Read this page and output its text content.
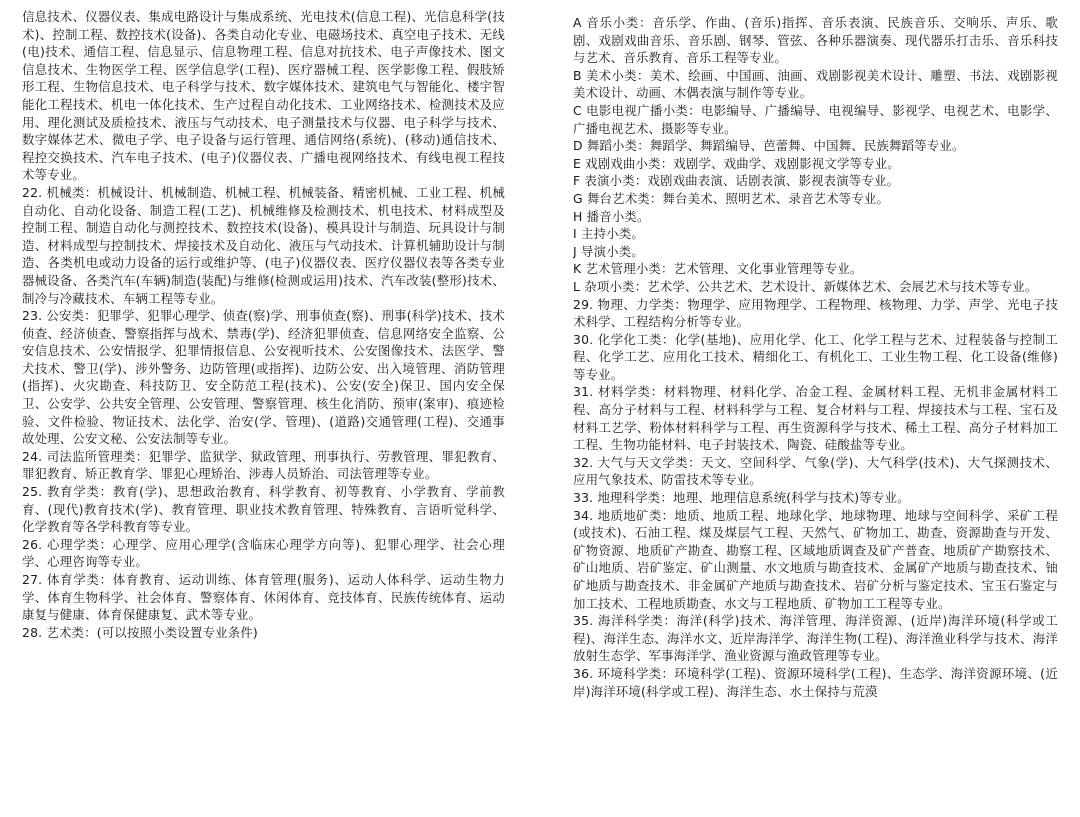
信息技术、仪器仪表、集成电路设计与集成系统、光电技术(信息工程)、光信息科学(技术)、控制工程、数控技术(设备)、各类自动化专业、电磁场技术、真空电子技术、无线(电)技术、通信工程、信息显示、信息物理工程、信息对抗技术、电子声像技术、图文信息技术、生物医学工程、医学信息学(工程)、医疗器械工程、医学影像工程、假肢矫形工程、生物信息技术、电子科学与技术、数字媒体技术、建筑电气与智能化、楼宇智能化工程技术、机电一体化技术、生产过程自动化技术、工业网络技术、检测技术及应用、理化测试及质检技术、液压与气动技术、电子测量技术与仪器、电子科学与技术、数字媒体艺术、微电子学、电子设备与运行管理、通信网络(系统)、(移动)通信技术、程控交换技术、汽车电子技术、(电子)仪器仪表、广播电视网络技术、有线电视工程技术等专业。

22. 机械类：机械设计、机械制造、机械工程、机械装备、精密机械、工业工程、机械自动化、自动化设备、制造工程(工艺)、机械维修及检测技术、机电技术、材料成型及控制工程、制造自动化与测控技术、数控技术(设备)、模具设计与制造、玩具设计与制造、材料成型与控制技术、焊接技术及自动化、液压与气动技术、计算机辅助设计与制造、各类机电或动力设备的运行或维护等、(电子)仪器仪表、医疗仪器仪表等各类专业器械设备、各类汽车(车辆)制造(装配)与维修(检测或运用)技术、汽车改装(整形)技术、制冷与冷藏技术、车辆工程等专业。

23. 公安类：犯罪学、犯罪心理学、侦查(察)学、刑事侦查(察)、刑事(科学)技术、技术侦查、经济侦查、警察指挥与战术、禁毒(学)、经济犯罪侦查、信息网络安全监察、公安信息技术、公安情报学、犯罪情报信息、公安视听技术、公安图像技术、法医学、警犬技术、警卫(学)、涉外警务、边防管理(或指挥)、边防公安、出入境管理、消防管理(指挥)、火灾勘查、科技防卫、安全防范工程(技术)、公安(安全)保卫、国内安全保卫、公安学、公共安全管理、公安管理、警察管理、核生化消防、预审(案审)、痕迹检验、文件检验、物证技术、法化学、治安(学、管理)、(道路)交通管理(工程)、交通事故处理、公安文秘、公安法制等专业。

24. 司法监所管理类：犯罪学、监狱学、狱政管理、刑事执行、劳教管理、罪犯教育、罪犯教育、矫正教育学、罪犯心理矫治、涉毒人员矫治、司法管理等专业。

25. 教育学类：教育(学)、思想政治教育、科学教育、初等教育、小学教育、学前教育、(现代)教育技术(学)、教育管理、职业技术教育管理、特殊教育、言语听觉科学、化学教育等各学科教育等专业。

26. 心理学类：心理学、应用心理学(含临床心理学方向等)、犯罪心理学、社会心理学、心理咨询等专业。

27. 体育学类：体育教育、运动训练、体育管理(服务)、运动人体科学、运动生物力学、体育生物科学、社会体育、警察体育、休闲体育、竞技体育、民族传统体育、运动康复与健康、体育保健康复、武术等专业。

28. 艺术类：(可以按照小类设置专业条件)

A 音乐小类：音乐学、作曲、(音乐)指挥、音乐表演、民族音乐、交响乐、声乐、歌剧、戏剧戏曲音乐、音乐剧、钢琴、管弦、各种乐器演奏、现代器乐打击乐、音乐科技与艺术、音乐教育、音乐工程等专业。

B 美术小类：美术、绘画、中国画、油画、戏剧影视美术设计、雕塑、书法、戏剧影视美术设计、动画、木偶表演与制作等专业。

C 电影电视广播小类：电影编导、广播编导、电视编导、影视学、电视艺术、电影学、广播电视艺术、摄影等专业。

D 舞蹈小类：舞蹈学、舞蹈编导、芭蕾舞、中国舞、民族舞蹈等专业。

E 戏剧戏曲小类：戏剧学、戏曲学、戏剧影视文学等专业。

F 表演小类：戏剧戏曲表演、话剧表演、影视表演等专业。

G 舞台艺术类：舞台美术、照明艺术、录音艺术等专业。

H 播音小类。

I 主持小类。

J 导演小类。

K 艺术管理小类：艺术管理、文化事业管理等专业。

L 杂项小类：艺术学、公共艺术、艺术设计、新媒体艺术、会展艺术与技术等专业。

29. 物理、力学类：物理学、应用物理学、工程物理、核物理、力学、声学、光电子技术科学、工程结构分析等专业。

30. 化学化工类：化学(基地)、应用化学、化工、化学工程与艺术、过程装备与控制工程、化学工艺、应用化工技术、精细化工、有机化工、工业生物工程、化工设备(维修)等专业。

31. 材料学类：材料物理、材料化学、冶金工程、金属材料工程、无机非金属材料工程、高分子材料与工程、材料科学与工程、复合材料与工程、焊接技术与工程、宝石及材料工艺学、粉体材料科学与工程、再生资源科学与技术、稀土工程、高分子材料加工工程、生物功能材料、电子封装技术、陶瓷、硅酸盐等专业。

32. 大气与天文学类：天文、空间科学、气象(学)、大气科学(技术)、大气探测技术、应用气象技术、防雷技术等专业。

33. 地理科学类：地理、地理信息系统(科学与技术)等专业。

34. 地质地矿类：地质、地质工程、地球化学、地球物理、地球与空间科学、采矿工程(或技术)、石油工程、煤及煤层气工程、天然气、矿物加工、勘查、资源勘查与开发、矿物资源、地质矿产勘查、勘察工程、区域地质调查及矿产普查、地质矿产勘察技术、矿山地质、岩矿鉴定、矿山测量、水文地质与勘查技术、金属矿产地质与勘查技术、铀矿地质与勘查技术、非金属矿产地质与勘查技术、岩矿分析与鉴定技术、宝玉石鉴定与加工技术、工程地质勘查、水文与工程地质、矿物加工工程等专业。

35. 海洋科学类：海洋(科学)技术、海洋管理、海洋资源、(近岸)海洋环境(科学或工程)、海洋生态、海洋水文、近岸海洋学、海洋生物(工程)、海洋渔业科学与技术、海洋放射生态学、军事海洋学、渔业资源与渔政管理等专业。

36. 环境科学类：环境科学(工程)、资源环境科学(工程)、生态学、海洋资源环境、(近岸)海洋环境(科学或工程)、海洋生态、水土保持与荒漠
